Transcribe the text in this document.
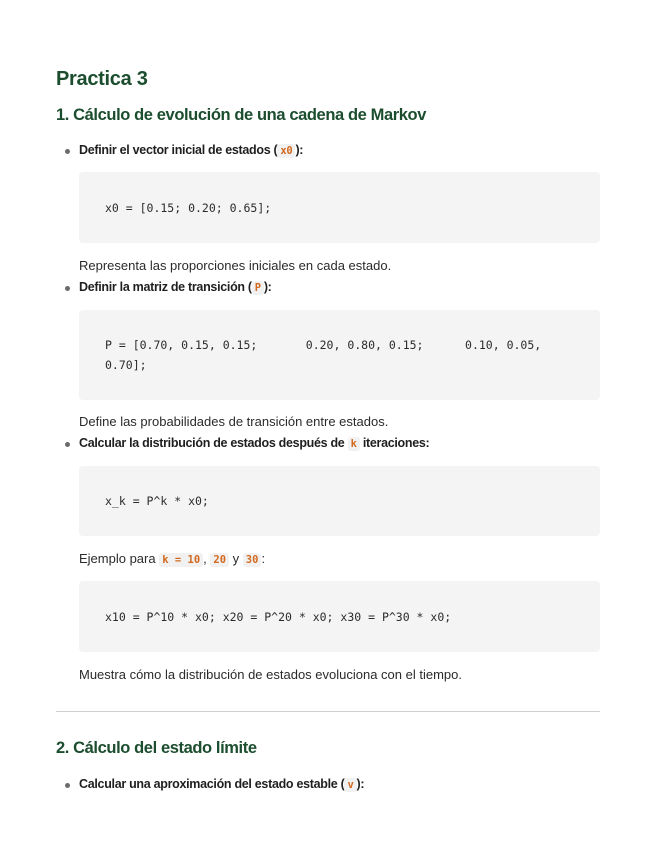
Practica 3
1. Cálculo de evolución de una cadena de Markov
Definir el vector inicial de estados ( x0 ):
x0 = [0.15; 0.20; 0.65];
Representa las proporciones iniciales en cada estado.
Definir la matriz de transición ( P ):
P = [0.70, 0.15, 0.15;       0.20, 0.80, 0.15;      0.10, 0.05, 0.70];
Define las probabilidades de transición entre estados.
Calcular la distribución de estados después de k iteraciones:
x_k = P^k * x0;
Ejemplo para k = 10 , 20 y 30 :
x10 = P^10 * x0; x20 = P^20 * x0; x30 = P^30 * x0;
Muestra cómo la distribución de estados evoluciona con el tiempo.
2. Cálculo del estado límite
Calcular una aproximación del estado estable ( v ):
